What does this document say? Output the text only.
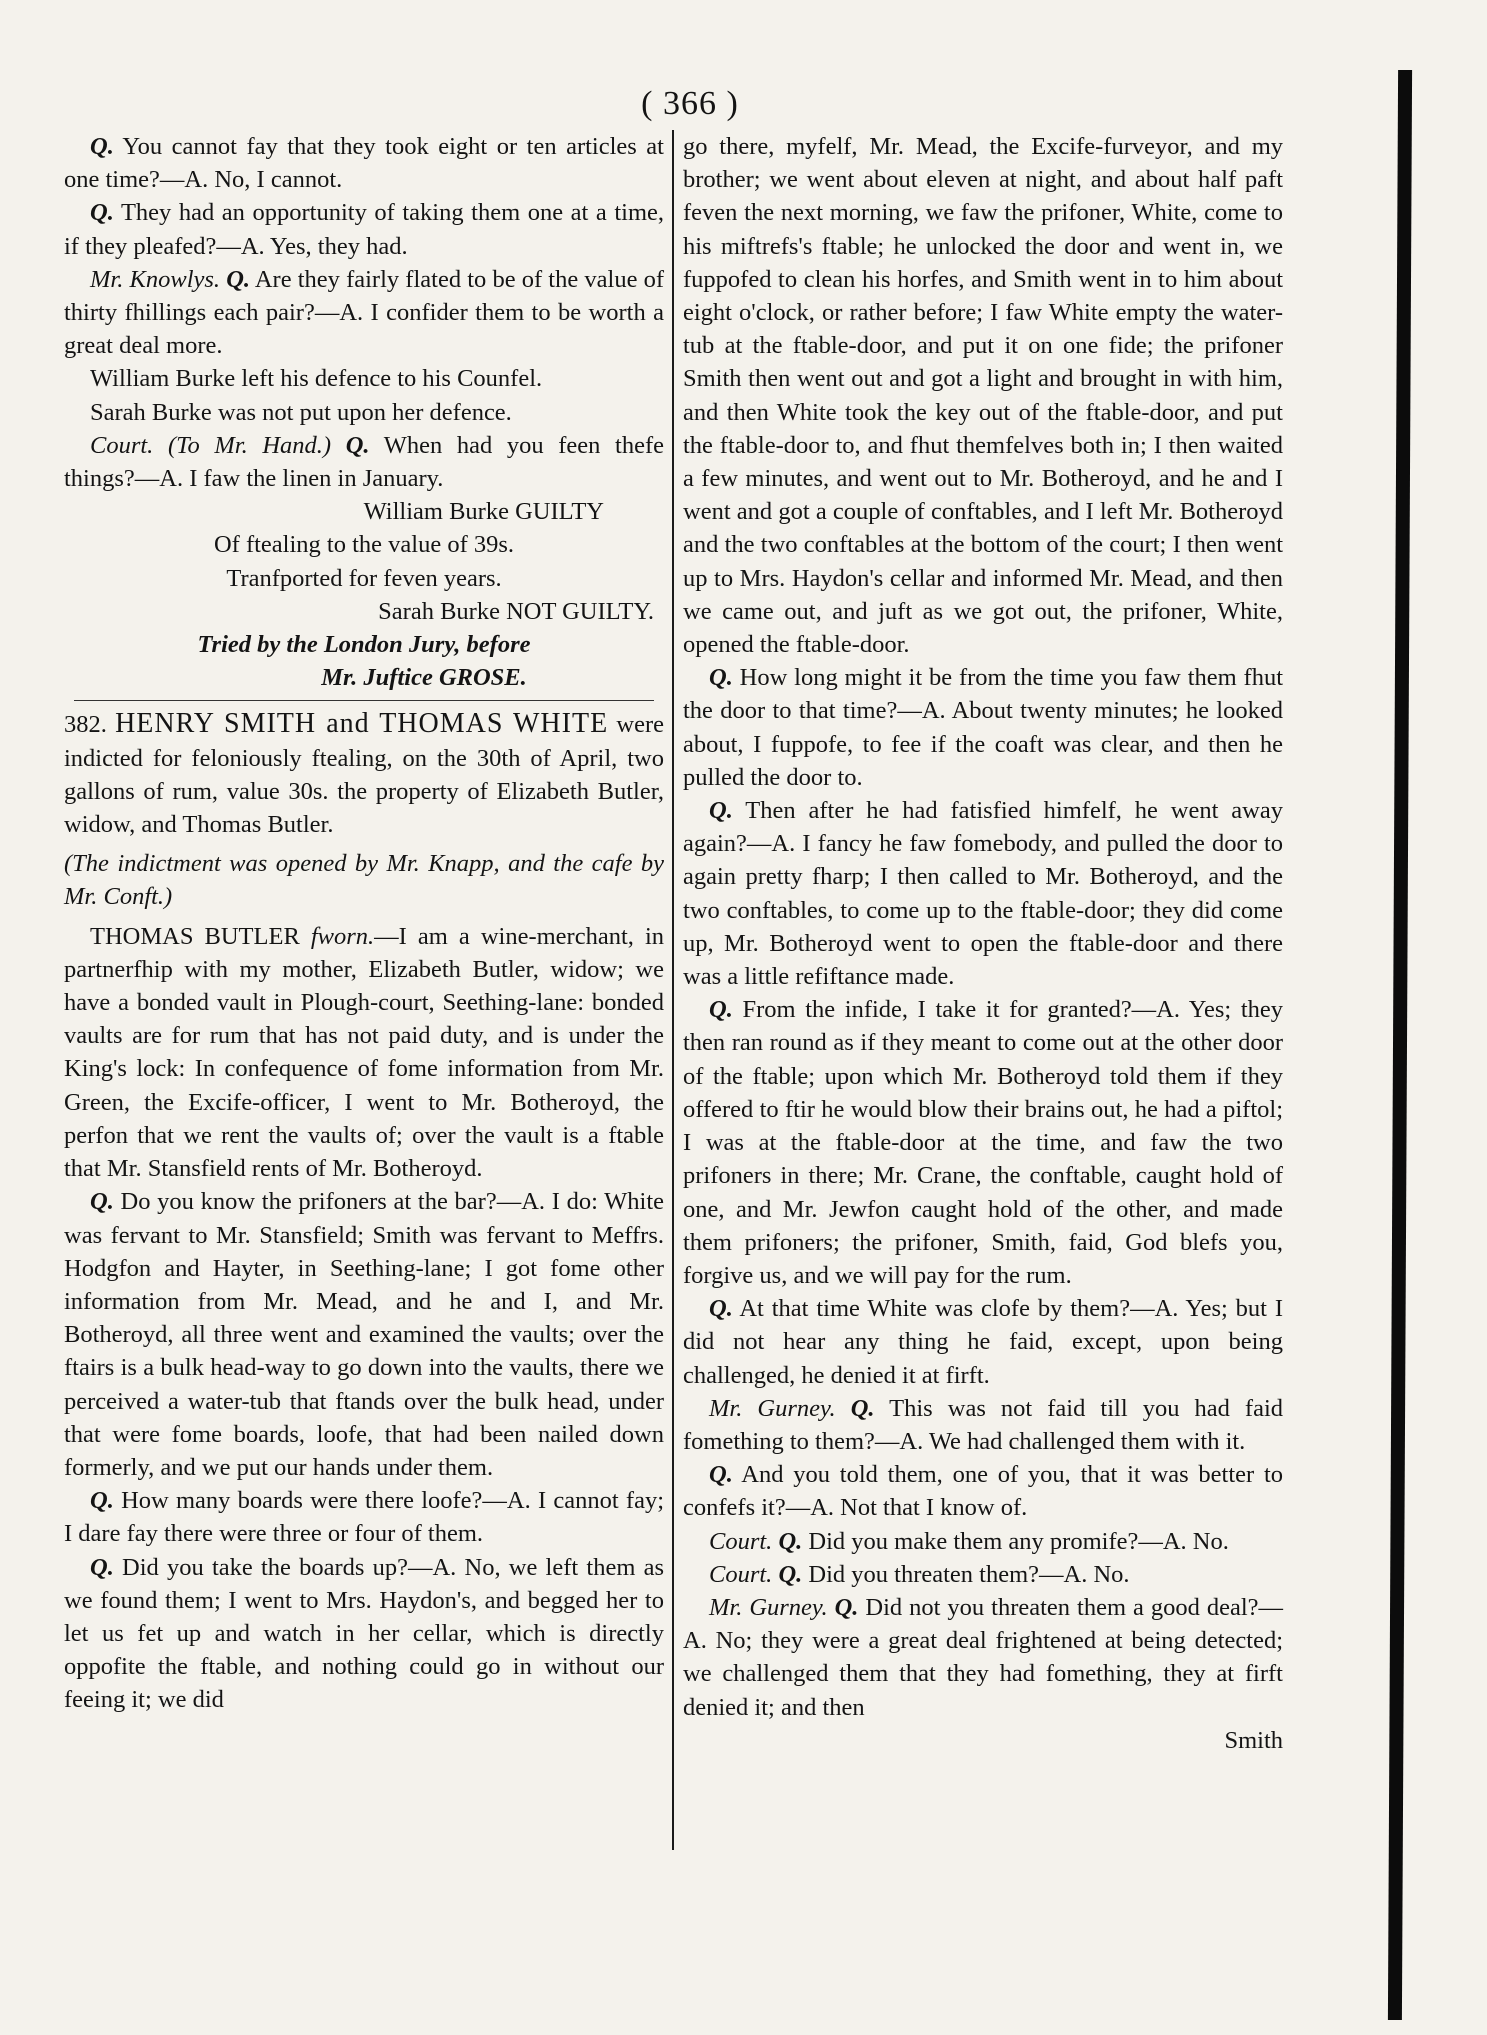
( 366 )

Q. You cannot fay that they took eight or ten articles at one time?—A. No, I cannot.

Q. They had an opportunity of taking them one at a time, if they pleafed?—A. Yes, they had.

Mr. Knowlys. Q. Are they fairly flated to be of the value of thirty fhillings each pair?—A. I confider them to be worth a great deal more.

William Burke left his defence to his Counfel.

Sarah Burke was not put upon her defence.

Court. (To Mr. Hand.) Q. When had you feen thefe things?—A. I faw the linen in January.

William Burke GUILTY

Of ftealing to the value of 39s.

Tranfported for feven years.

Sarah Burke NOT GUILTY.

Tried by the London Jury, before

Mr. Juftice GROSE.

382. HENRY SMITH and THOMAS WHITE were indicted for feloniously ftealing, on the 30th of April, two gallons of rum, value 30s. the property of Elizabeth Butler, widow, and Thomas Butler.

(The indictment was opened by Mr. Knapp, and the cafe by Mr. Conft.)

THOMAS BUTLER fworn.—I am a wine-merchant, in partnerfhip with my mother, Elizabeth Butler, widow; we have a bonded vault in Plough-court, Seething-lane: bonded vaults are for rum that has not paid duty, and is under the King's lock: In confequence of fome information from Mr. Green, the Excife-officer, I went to Mr. Botheroyd, the perfon that we rent the vaults of; over the vault is a ftable that Mr. Stansfield rents of Mr. Botheroyd.

Q. Do you know the prifoners at the bar?—A. I do: White was fervant to Mr. Stansfield; Smith was fervant to Meffrs. Hodgfon and Hayter, in Seething-lane; I got fome other information from Mr. Mead, and he and I, and Mr. Botheroyd, all three went and examined the vaults; over the ftairs is a bulk head-way to go down into the vaults, there we perceived a water-tub that ftands over the bulk head, under that were fome boards, loofe, that had been nailed down formerly, and we put our hands under them.

Q. How many boards were there loofe?—A. I cannot fay; I dare fay there were three or four of them.

Q. Did you take the boards up?—A. No, we left them as we found them; I went to Mrs. Haydon's, and begged her to let us fet up and watch in her cellar, which is directly oppofite the ftable, and nothing could go in without our feeing it; we did

go there, myfelf, Mr. Mead, the Excife-furveyor, and my brother; we went about eleven at night, and about half paft feven the next morning, we faw the prifoner, White, come to his miftrefs's ftable; he unlocked the door and went in, we fuppofed to clean his horfes, and Smith went in to him about eight o'clock, or rather before; I faw White empty the water-tub at the ftable-door, and put it on one fide; the prifoner Smith then went out and got a light and brought in with him, and then White took the key out of the ftable-door, and put the ftable-door to, and fhut themfelves both in; I then waited a few minutes, and went out to Mr. Botheroyd, and he and I went and got a couple of conftables, and I left Mr. Botheroyd and the two conftables at the bottom of the court; I then went up to Mrs. Haydon's cellar and informed Mr. Mead, and then we came out, and juft as we got out, the prifoner, White, opened the ftable-door.

Q. How long might it be from the time you faw them fhut the door to that time?—A. About twenty minutes; he looked about, I fuppofe, to fee if the coaft was clear, and then he pulled the door to.

Q. Then after he had fatisfied himfelf, he went away again?—A. I fancy he faw fomebody, and pulled the door to again pretty fharp; I then called to Mr. Botheroyd, and the two conftables, to come up to the ftable-door; they did come up, Mr. Botheroyd went to open the ftable-door and there was a little refiftance made.

Q. From the infide, I take it for granted?—A. Yes; they then ran round as if they meant to come out at the other door of the ftable; upon which Mr. Botheroyd told them if they offered to ftir he would blow their brains out, he had a piftol; I was at the ftable-door at the time, and faw the two prifoners in there; Mr. Crane, the conftable, caught hold of one, and Mr. Jewfon caught hold of the other, and made them prifoners; the prifoner, Smith, faid, God blefs you, forgive us, and we will pay for the rum.

Q. At that time White was clofe by them?—A. Yes; but I did not hear any thing he faid, except, upon being challenged, he denied it at firft.

Mr. Gurney. Q. This was not faid till you had faid fomething to them?—A. We had challenged them with it.

Q. And you told them, one of you, that it was better to confefs it?—A. Not that I know of.

Court. Q. Did you make them any promife?—A. No.

Court. Q. Did you threaten them?—A. No.

Mr. Gurney. Q. Did not you threaten them a good deal?—A. No; they were a great deal frightened at being detected; we challenged them that they had fomething, they at firft denied it; and then

Smith
